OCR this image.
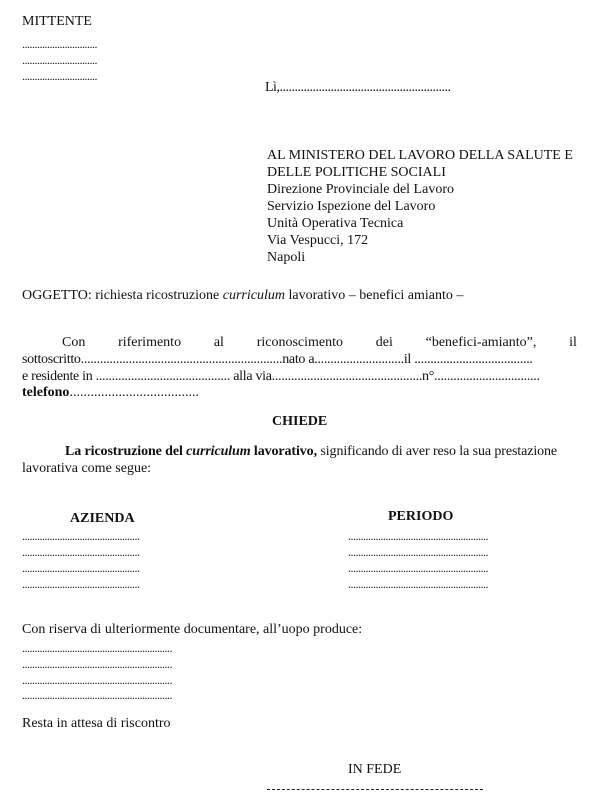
MITTENTE
..............................
..............................
..............................
Lì,.........................................................
AL MINISTERO DEL LAVORO DELLA SALUTE E
DELLE POLITICHE SOCIALI
Direzione Provinciale del Lavoro
Servizio Ispezione del Lavoro
Unità Operativa Tecnica
Via Vespucci, 172
Napoli
OGGETTO: richiesta ricostruzione curriculum lavorativo – benefici amianto –
Con riferimento al riconoscimento dei “benefici-amianto”, il
sottoscritto...............................................................nato a............................il .....................................
e residente in .......................................... alla via...............................................n°.................................
telefono.....................................
CHIEDE
La ricostruzione del curriculum lavorativo, significando di aver reso la sua prestazione
lavorativa come segue:
AZIENDA	PERIODO
...............................................
...............................................
...............................................
...............................................
........................................................
........................................................
........................................................
........................................................
Con riserva di ulteriormente documentare, all’uopo produce:
............................................................
............................................................
............................................................
............................................................
Resta in attesa di riscontro
IN FEDE
